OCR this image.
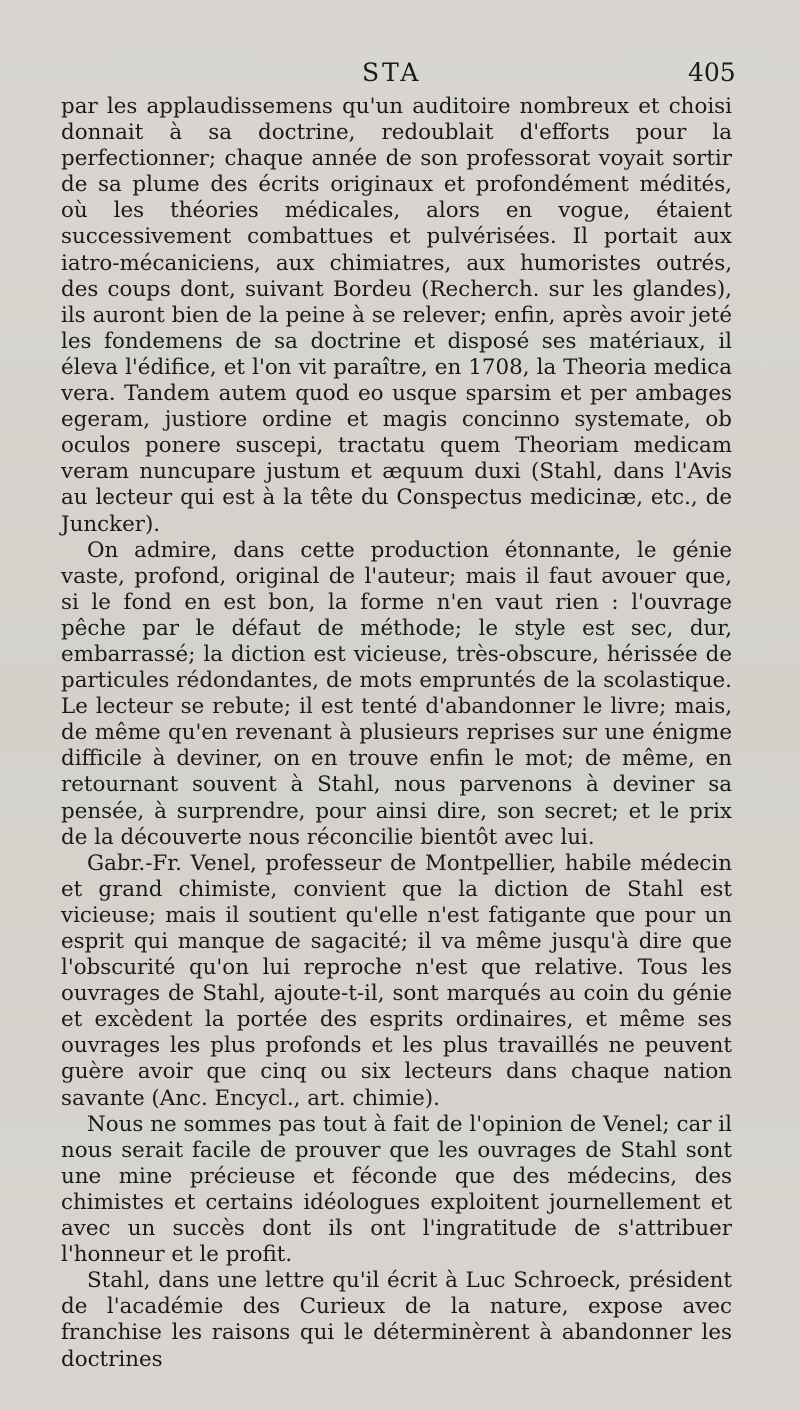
STA	405

par les applaudissemens qu'un auditoire nombreux et choisi donnait à sa doctrine, redoublait d'efforts pour la perfectionner; chaque année de son professorat voyait sortir de sa plume des écrits originaux et profondément médités, où les théories médicales, alors en vogue, étaient successivement combattues et pulvérisées. Il portait aux iatro-mécaniciens, aux chimiatres, aux humoristes outrés, des coups dont, suivant Bordeu (Recherch. sur les glandes), ils auront bien de la peine à se relever; enfin, après avoir jeté les fondemens de sa doctrine et disposé ses matériaux, il éleva l'édifice, et l'on vit paraître, en 1708, la Theoria medica vera. Tandem autem quod eo usque sparsim et per ambages egeram, justiore ordine et magis concinno systemate, ob oculos ponere suscepi, tractatu quem Theoriam medicam veram nuncupare justum et æquum duxi (Stahl, dans l'Avis au lecteur qui est à la tête du Conspectus medicinæ, etc., de Juncker).

On admire, dans cette production étonnante, le génie vaste, profond, original de l'auteur; mais il faut avouer que, si le fond en est bon, la forme n'en vaut rien : l'ouvrage pêche par le défaut de méthode; le style est sec, dur, embarrassé; la diction est vicieuse, très-obscure, hérissée de particules rédondantes, de mots empruntés de la scolastique. Le lecteur se rebute; il est tenté d'abandonner le livre; mais, de même qu'en revenant à plusieurs reprises sur une énigme difficile à deviner, on en trouve enfin le mot; de même, en retournant souvent à Stahl, nous parvenons à deviner sa pensée, à surprendre, pour ainsi dire, son secret; et le prix de la découverte nous réconcilie bientôt avec lui.

Gabr.-Fr. Venel, professeur de Montpellier, habile médecin et grand chimiste, convient que la diction de Stahl est vicieuse; mais il soutient qu'elle n'est fatigante que pour un esprit qui manque de sagacité; il va même jusqu'à dire que l'obscurité qu'on lui reproche n'est que relative. Tous les ouvrages de Stahl, ajoute-t-il, sont marqués au coin du génie et excèdent la portée des esprits ordinaires, et même ses ouvrages les plus profonds et les plus travaillés ne peuvent guère avoir que cinq ou six lecteurs dans chaque nation savante (Anc. Encycl., art. chimie).

Nous ne sommes pas tout à fait de l'opinion de Venel; car il nous serait facile de prouver que les ouvrages de Stahl sont une mine précieuse et féconde que des médecins, des chimistes et certains idéologues exploitent journellement et avec un succès dont ils ont l'ingratitude de s'attribuer l'honneur et le profit.

Stahl, dans une lettre qu'il écrit à Luc Schroeck, président de l'académie des Curieux de la nature, expose avec franchise les raisons qui le déterminèrent à abandonner les doctrines
